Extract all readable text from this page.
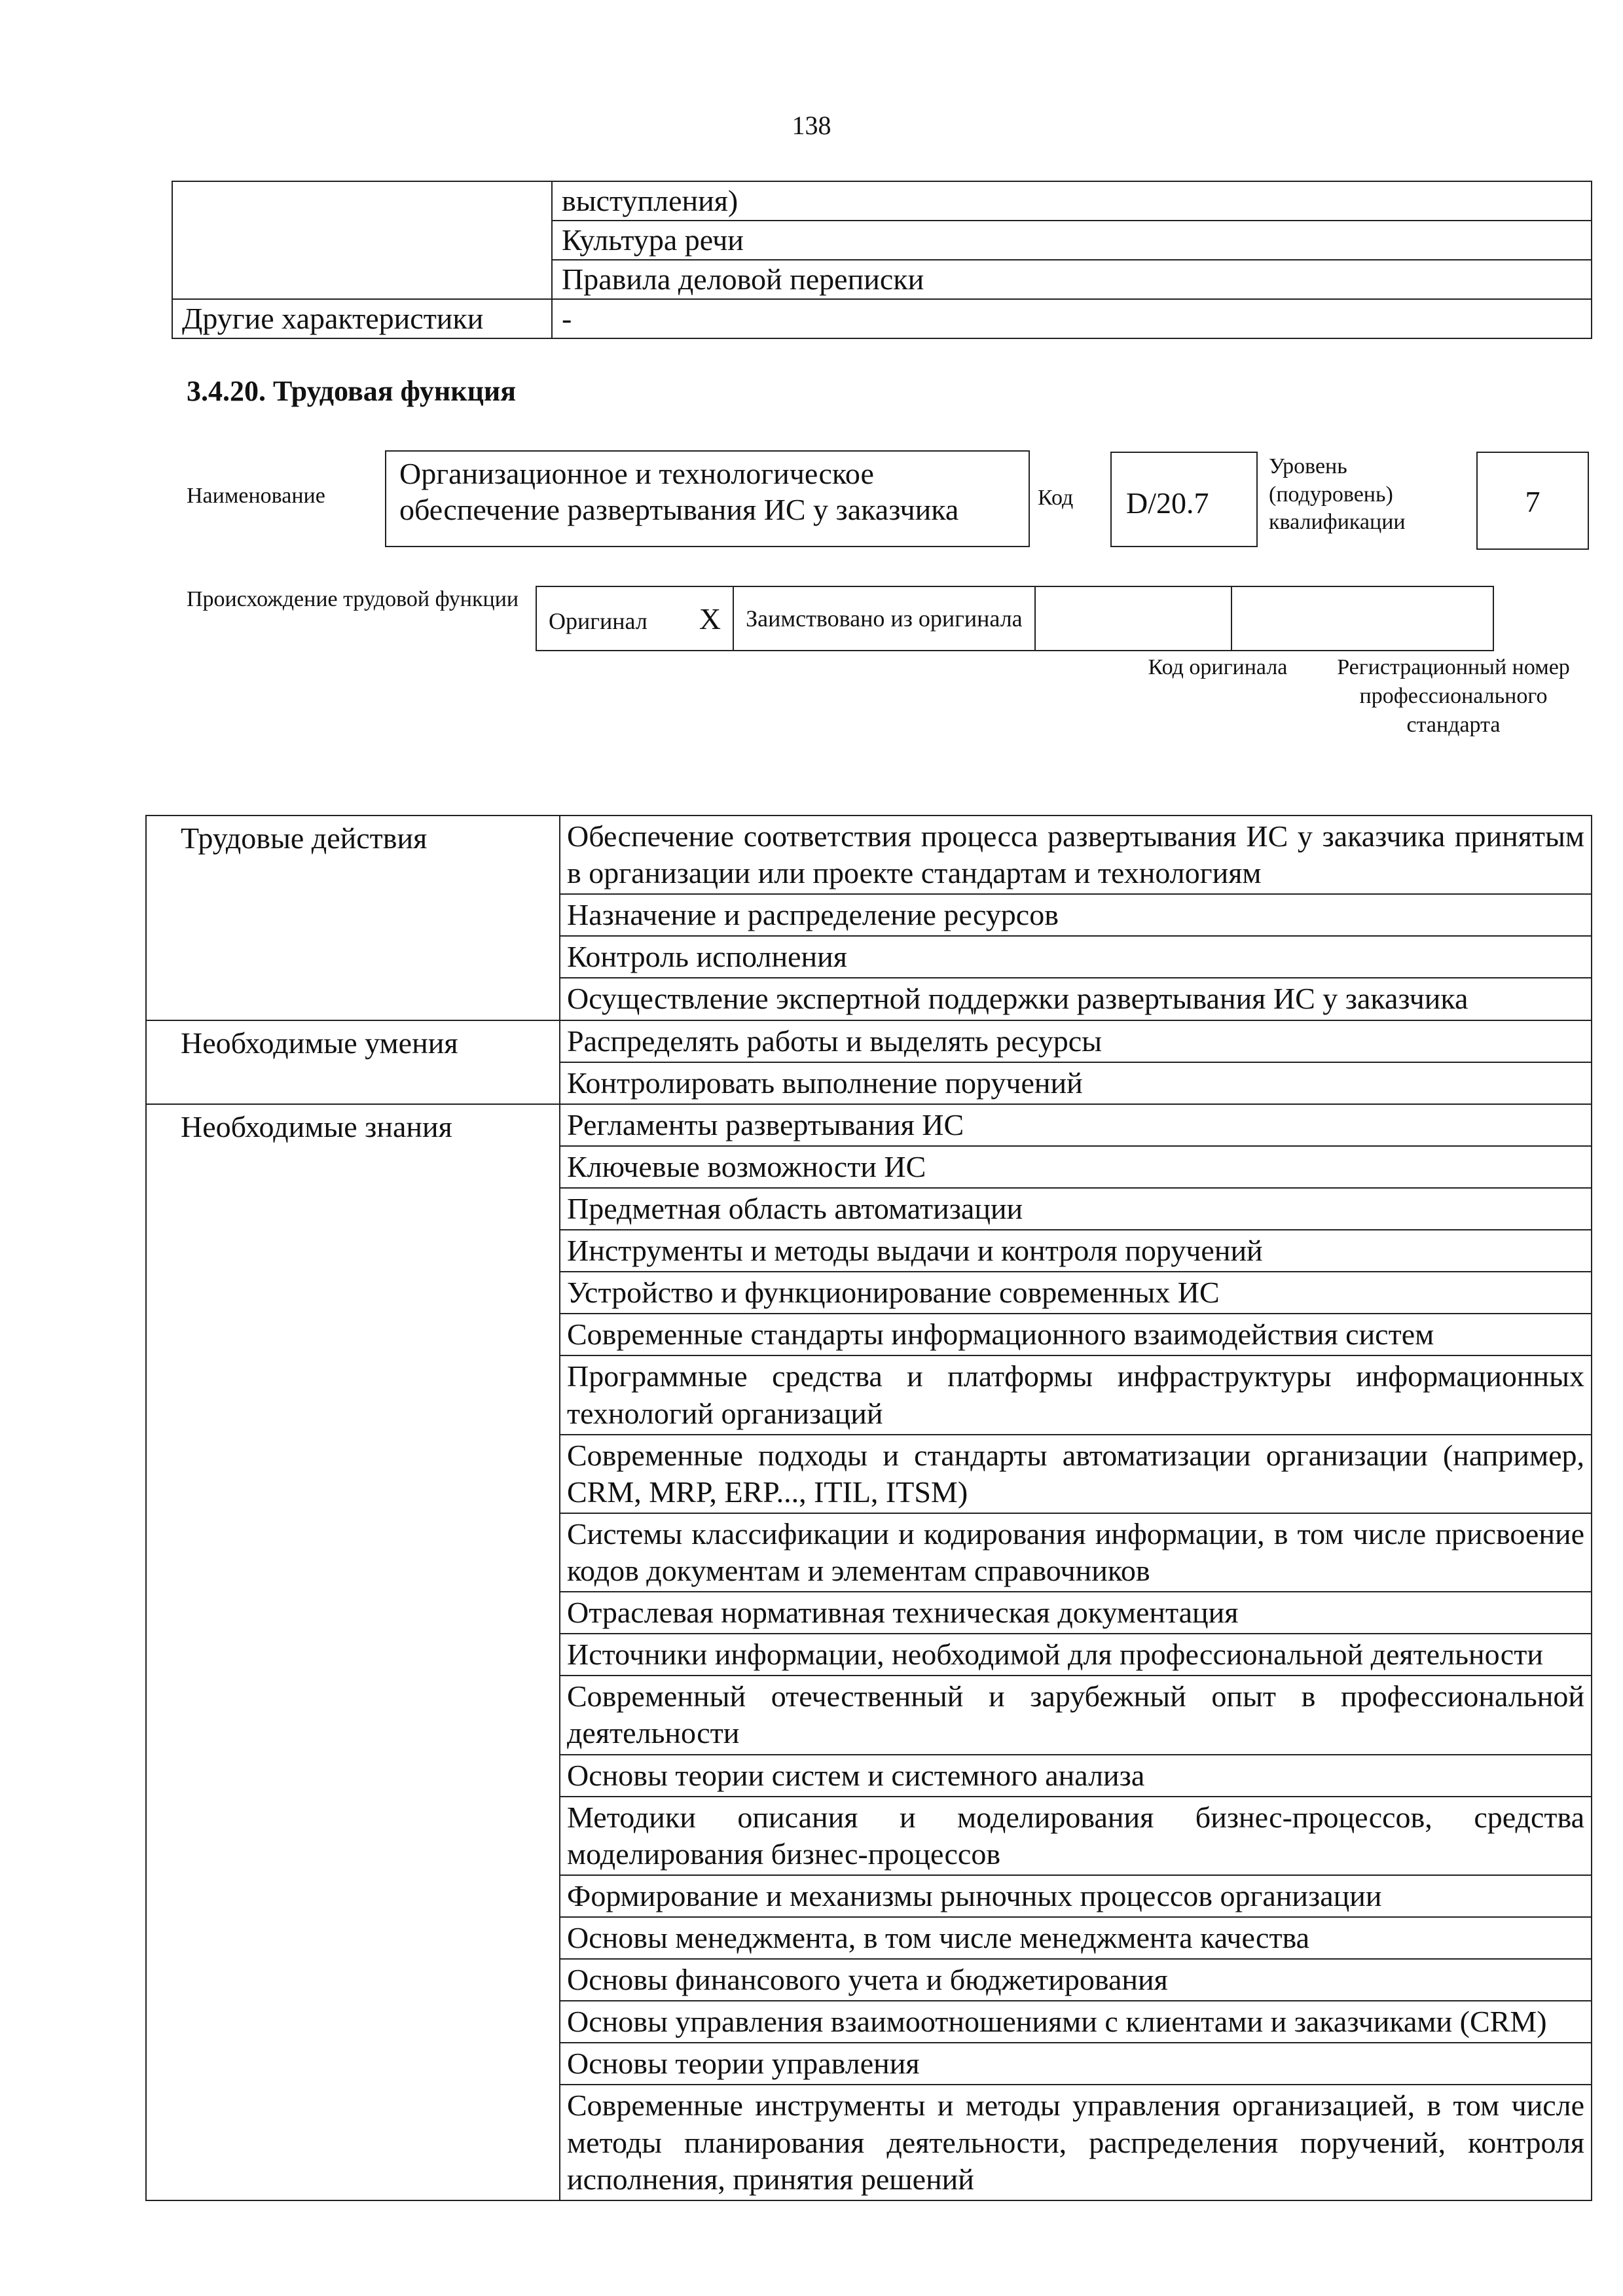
138
	выступления)
	Культура речи
	Правила деловой переписки
Другие характеристики	-
3.4.20. Трудовая функция
Наименование
Организационное и технологическое обеспечение развертывания ИС у заказчика	Код	D/20.7
Уровень (подуровень) квалификации
7
Происхождение трудовой функции
Оригинал X	Заимствовано из оригинала		
Код оригинала	Регистрационный номер профессионального стандарта
Трудовые действия	Обеспечение соответствия процесса развертывания ИС у заказчика принятым в организации или проекте стандартам и технологиям
	Назначение и распределение ресурсов
	Контроль исполнения
	Осуществление экспертной поддержки развертывания ИС у заказчика
Необходимые умения	Распределять работы и выделять ресурсы
	Контролировать выполнение поручений
Необходимые знания	Регламенты развертывания ИС
	Ключевые возможности ИС
	Предметная область автоматизации
	Инструменты и методы выдачи и контроля поручений
	Устройство и функционирование современных ИС
	Современные стандарты информационного взаимодействия систем
	Программные средства и платформы инфраструктуры информационных технологий организаций
	Современные подходы и стандарты автоматизации организации (например, CRM, MRP, ERP..., ITIL, ITSM)
	Системы классификации и кодирования информации, в том числе присвоение кодов документам и элементам справочников
	Отраслевая нормативная техническая документация
	Источники информации, необходимой для профессиональной деятельности
	Современный отечественный и зарубежный опыт в профессиональной деятельности
	Основы теории систем и системного анализа
	Методики описания и моделирования бизнес-процессов, средства моделирования бизнес-процессов
	Формирование и механизмы рыночных процессов организации
	Основы менеджмента, в том числе менеджмента качества
	Основы финансового учета и бюджетирования
	Основы управления взаимоотношениями с клиентами и заказчиками (CRM)
	Основы теории управления
	Современные инструменты и методы управления организацией, в том числе методы планирования деятельности, распределения поручений, контроля исполнения, принятия решений
